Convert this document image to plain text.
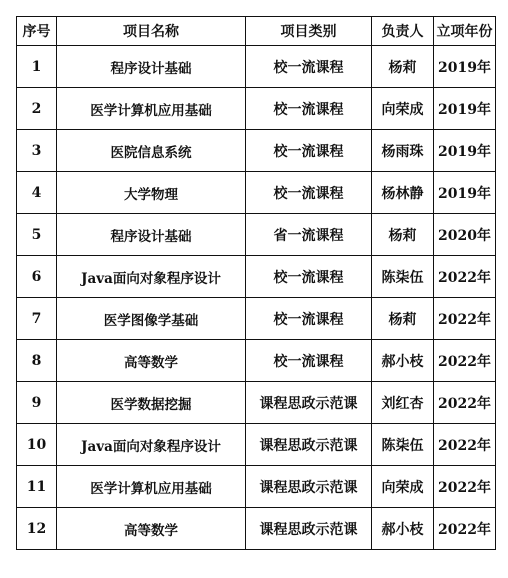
序号	项目名称	项目类别	负责人	立项年份
1	程序设计基础	校一流课程	杨莉	2019年
2	医学计算机应用基础	校一流课程	向荣成	2019年
3	医院信息系统	校一流课程	杨雨珠	2019年
4	大学物理	校一流课程	杨林静	2019年
5	程序设计基础	省一流课程	杨莉	2020年
6	Java面向对象程序设计	校一流课程	陈柒伍	2022年
7	医学图像学基础	校一流课程	杨莉	2022年
8	高等数学	校一流课程	郝小枝	2022年
9	医学数据挖掘	课程思政示范课	刘红杏	2022年
10	Java面向对象程序设计	课程思政示范课	陈柒伍	2022年
11	医学计算机应用基础	课程思政示范课	向荣成	2022年
12	高等数学	课程思政示范课	郝小枝	2022年
